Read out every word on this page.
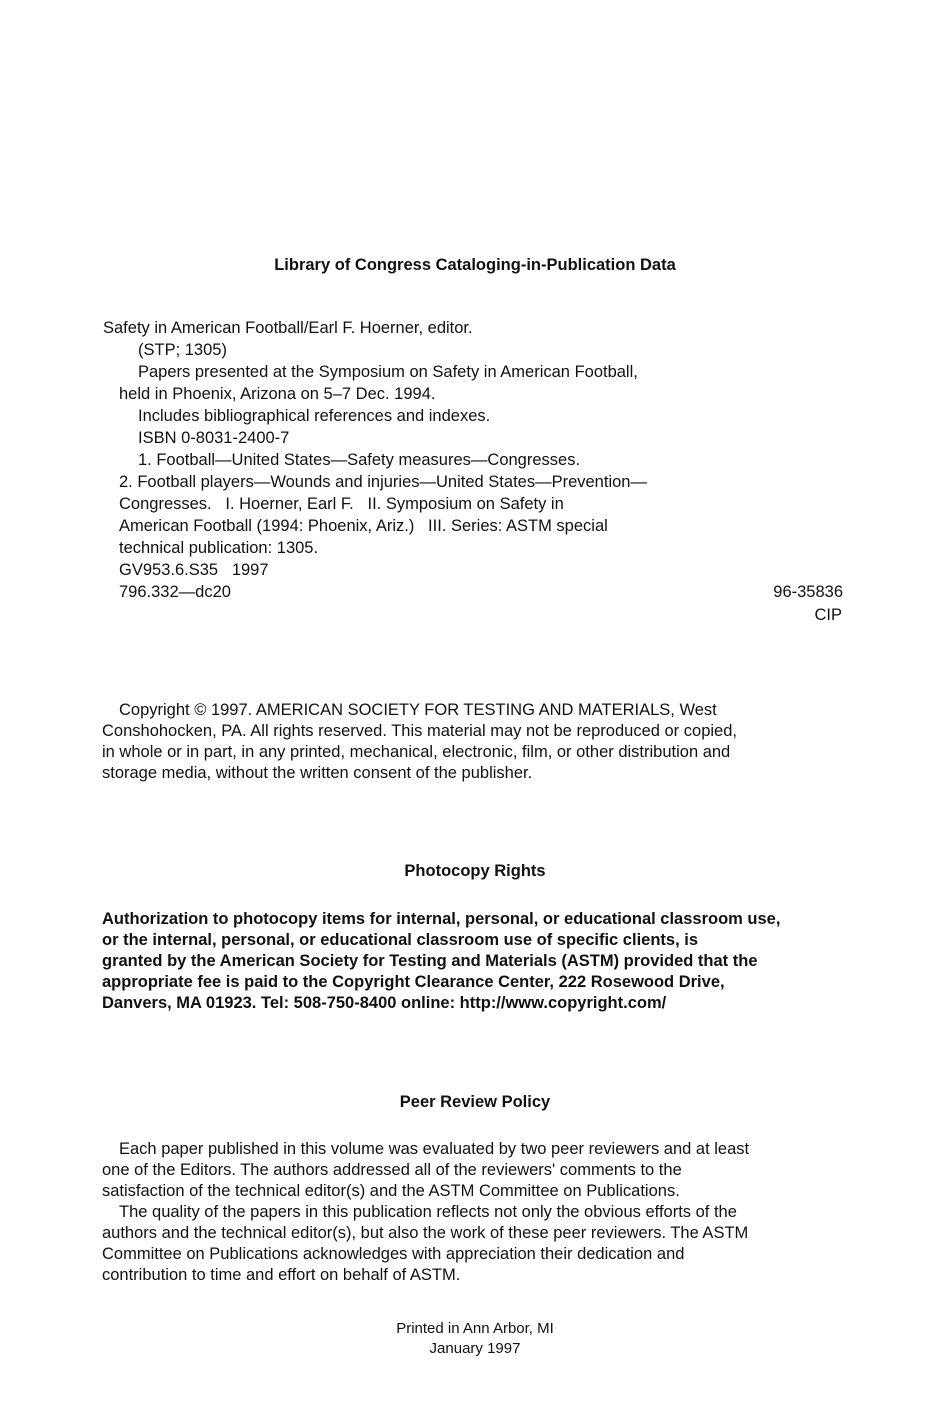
Library of Congress Cataloging-in-Publication Data
Safety in American Football/Earl F. Hoerner, editor.
(STP; 1305)
Papers presented at the Symposium on Safety in American Football,
held in Phoenix, Arizona on 5–7 Dec. 1994.
Includes bibliographical references and indexes.
ISBN 0-8031-2400-7
1. Football—United States—Safety measures—Congresses.
2. Football players—Wounds and injuries—United States—Prevention—
Congresses.   I. Hoerner, Earl F.   II. Symposium on Safety in
American Football (1994: Phoenix, Ariz.)   III. Series: ASTM special
technical publication: 1305.
GV953.6.S35   1997
796.332—dc20	96-35836
CIP
Copyright © 1997. AMERICAN SOCIETY FOR TESTING AND MATERIALS, West
Conshohocken, PA. All rights reserved. This material may not be reproduced or copied,
in whole or in part, in any printed, mechanical, electronic, film, or other distribution and
storage media, without the written consent of the publisher.
Photocopy Rights
Authorization to photocopy items for internal, personal, or educational classroom use,
or the internal, personal, or educational classroom use of specific clients, is
granted by the American Society for Testing and Materials (ASTM) provided that the
appropriate fee is paid to the Copyright Clearance Center, 222 Rosewood Drive,
Danvers, MA 01923. Tel: 508-750-8400 online: http://www.copyright.com/
Peer Review Policy
Each paper published in this volume was evaluated by two peer reviewers and at least
one of the Editors. The authors addressed all of the reviewers' comments to the
satisfaction of the technical editor(s) and the ASTM Committee on Publications.
The quality of the papers in this publication reflects not only the obvious efforts of the
authors and the technical editor(s), but also the work of these peer reviewers. The ASTM
Committee on Publications acknowledges with appreciation their dedication and
contribution to time and effort on behalf of ASTM.
Printed in Ann Arbor, MI
January 1997
